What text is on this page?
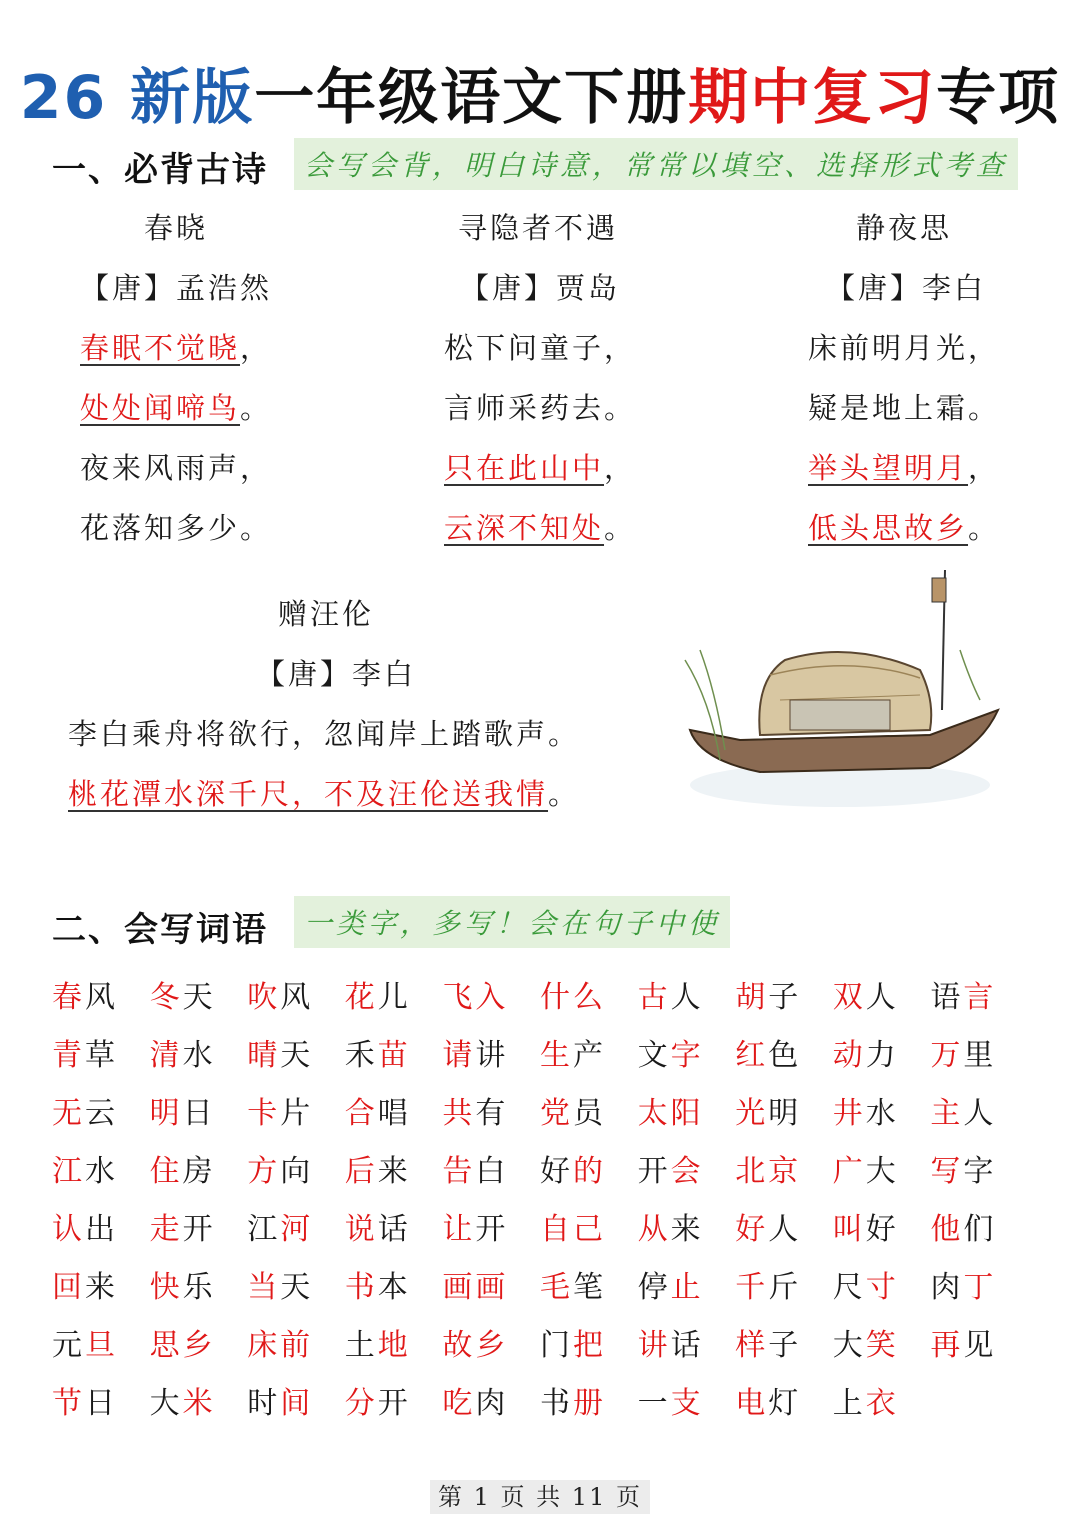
26 新版一年级语文下册期中复习专项
一、必背古诗	会写会背，明白诗意，常常以填空、选择形式考查
春晓
【唐】孟浩然
春眠不觉晓，
处处闻啼鸟。
夜来风雨声，
花落知多少。
寻隐者不遇
【唐】贾岛
松下问童子，
言师采药去。
只在此山中，
云深不知处。
静夜思
【唐】李白
床前明月光，
疑是地上霜。
举头望明月，
低头思故乡。
赠汪伦
【唐】李白
李白乘舟将欲行，忽闻岸上踏歌声。
桃花潭水深千尺，不及汪伦送我情。
二、会写词语	一类字，多写！会在句子中使
春风 冬天 吹风 花儿 飞入 什么 古人 胡子 双人 语言
青草 清水 晴天 禾苗 请讲 生产 文字 红色 动力 万里
无云 明日 卡片 合唱 共有 党员 太阳 光明 井水 主人
江水 住房 方向 后来 告白 好的 开会 北京 广大 写字
认出 走开 江河 说话 让开 自己 从来 好人 叫好 他们
回来 快乐 当天 书本 画画 毛笔 停止 千斤 尺寸 肉丁
元旦 思乡 床前 土地 故乡 门把 讲话 样子 大笑 再见
节日 大米 时间 分开 吃肉 书册 一支 电灯 上衣
第 1 页 共 11 页
